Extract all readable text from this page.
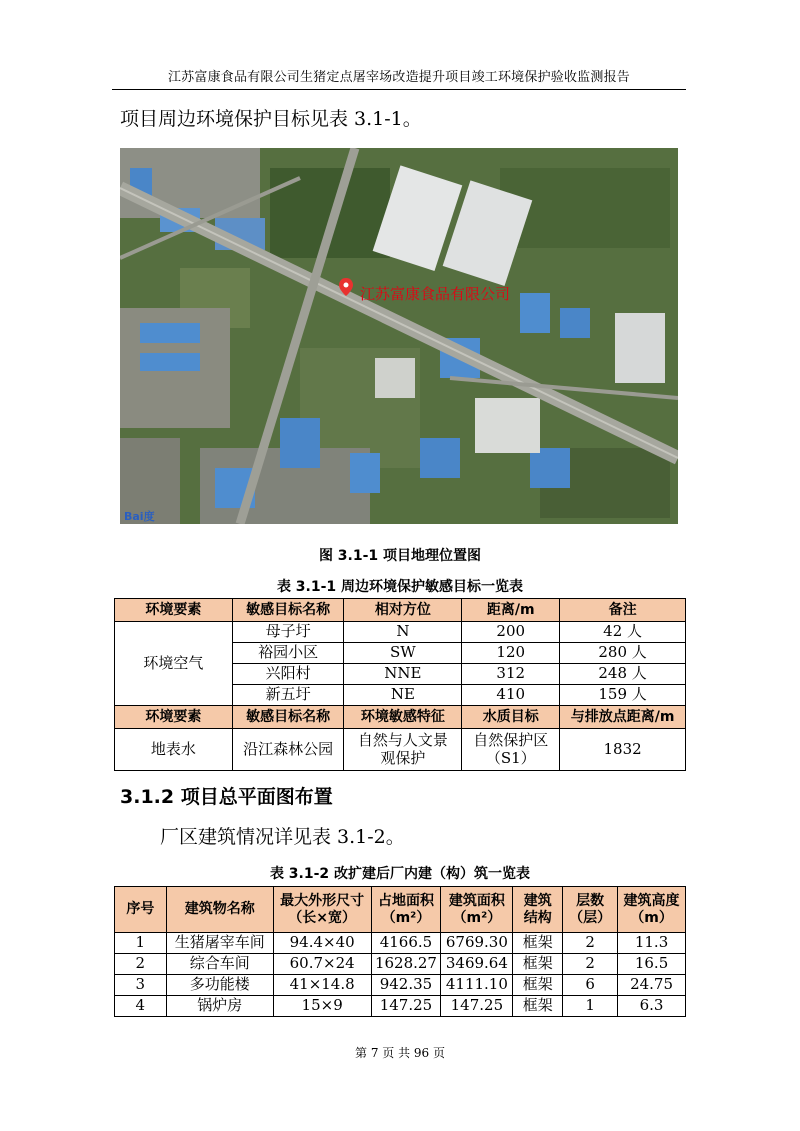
江苏富康食品有限公司生猪定点屠宰场改造提升项目竣工环境保护验收监测报告
项目周边环境保护目标见表 3.1-1。
江苏富康食品有限公司
Bai度
图 3.1-1 项目地理位置图
表 3.1-1 周边环境保护敏感目标一览表
环境要素	敏感目标名称	相对方位	距离/m	备注
环境空气	母子圩	N	200	42 人
	裕园小区	SW	120	280 人
	兴阳村	NNE	312	248 人
	新五圩	NE	410	159 人
环境要素	敏感目标名称	环境敏感特征	水质目标	与排放点距离/m
地表水	沿江森林公园	自然与人文景观保护	自然保护区（S1）	1832
3.1.2 项目总平面图布置
厂区建筑情况详见表 3.1-2。
表 3.1-2 改扩建后厂内建（构）筑一览表
序号	建筑物名称	最大外形尺寸（长×宽）	占地面积（m²）	建筑面积（m²）	建筑结构	层数（层）	建筑高度（m）
1	生猪屠宰车间	94.4×40	4166.5	6769.30	框架	2	11.3
2	综合车间	60.7×24	1628.27	3469.64	框架	2	16.5
3	多功能楼	41×14.8	942.35	4111.10	框架	6	24.75
4	锅炉房	15×9	147.25	147.25	框架	1	6.3
第 7 页 共 96 页
